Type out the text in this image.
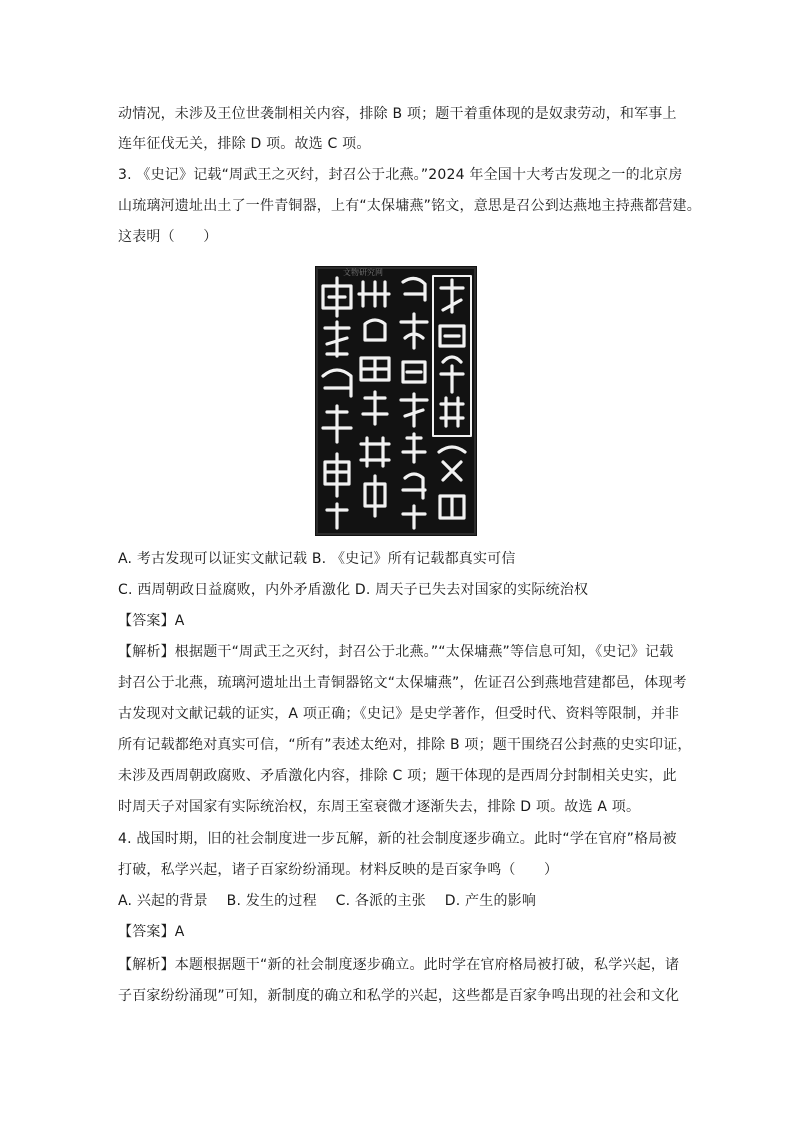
动情况，未涉及王位世袭制相关内容，排除 B 项；题干着重体现的是奴隶劳动，和军事上
连年征伐无关，排除 D 项。故选 C 项。
3. 《史记》记载“周武王之灭纣，封召公于北燕。”2024 年全国十大考古发现之一的北京房
山琉璃河遗址出土了一件青铜器，上有“太保墉燕”铭文，意思是召公到达燕地主持燕都营建。
这表明（　　）
文物研究网
A. 考古发现可以证实文献记载 B. 《史记》所有记载都真实可信
C. 西周朝政日益腐败，内外矛盾激化 D. 周天子已失去对国家的实际统治权
【答案】A
【解析】根据题干“周武王之灭纣，封召公于北燕。”“太保墉燕”等信息可知，《史记》记载
封召公于北燕，琉璃河遗址出土青铜器铭文“太保墉燕”，佐证召公到燕地营建都邑，体现考
古发现对文献记载的证实，A 项正确；《史记》是史学著作，但受时代、资料等限制，并非
所有记载都绝对真实可信，“所有”表述太绝对，排除 B 项；题干围绕召公封燕的史实印证，
未涉及西周朝政腐败、矛盾激化内容，排除 C 项；题干体现的是西周分封制相关史实，此
时周天子对国家有实际统治权，东周王室衰微才逐渐失去，排除 D 项。故选 A 项。
4. 战国时期，旧的社会制度进一步瓦解，新的社会制度逐步确立。此时“学在官府”格局被
打破，私学兴起，诸子百家纷纷涌现。材料反映的是百家争鸣（　　）
A. 兴起的背景　 B. 发生的过程　 C. 各派的主张　 D. 产生的影响
【答案】A
【解析】本题根据题干“新的社会制度逐步确立。此时学在官府格局被打破，私学兴起，诸
子百家纷纷涌现”可知，新制度的确立和私学的兴起，这些都是百家争鸣出现的社会和文化
